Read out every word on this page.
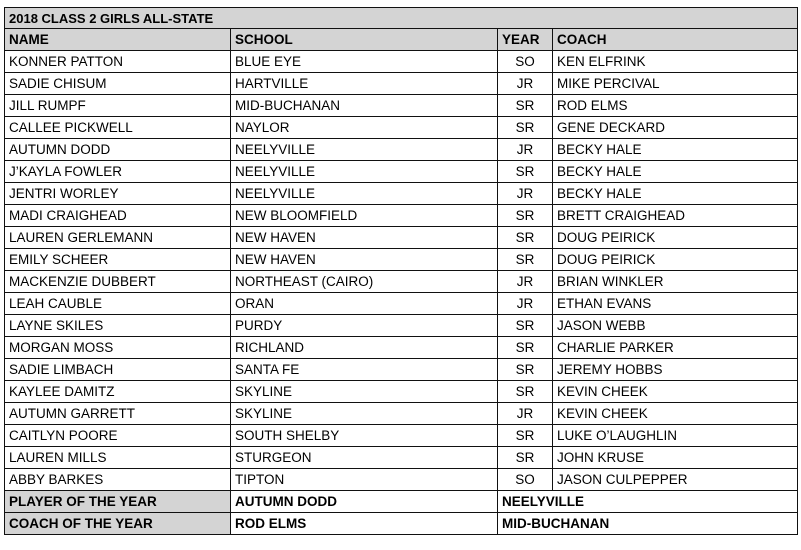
2018 CLASS 2 GIRLS ALL-STATE			
NAME	SCHOOL	YEAR	COACH
KONNER PATTON	BLUE EYE	SO	KEN ELFRINK
SADIE CHISUM	HARTVILLE	JR	MIKE PERCIVAL
JILL RUMPF	MID-BUCHANAN	SR	ROD ELMS
CALLEE PICKWELL	NAYLOR	SR	GENE DECKARD
AUTUMN DODD	NEELYVILLE	JR	BECKY HALE
J’KAYLA FOWLER	NEELYVILLE	SR	BECKY HALE
JENTRI WORLEY	NEELYVILLE	JR	BECKY HALE
MADI CRAIGHEAD	NEW BLOOMFIELD	SR	BRETT CRAIGHEAD
LAUREN GERLEMANN	NEW HAVEN	SR	DOUG PEIRICK
EMILY SCHEER	NEW HAVEN	SR	DOUG PEIRICK
MACKENZIE DUBBERT	NORTHEAST (CAIRO)	JR	BRIAN WINKLER
LEAH CAUBLE	ORAN	JR	ETHAN EVANS
LAYNE SKILES	PURDY	SR	JASON WEBB
MORGAN MOSS	RICHLAND	SR	CHARLIE PARKER
SADIE LIMBACH	SANTA FE	SR	JEREMY HOBBS
KAYLEE DAMITZ	SKYLINE	SR	KEVIN CHEEK
AUTUMN GARRETT	SKYLINE	JR	KEVIN CHEEK
CAITLYN POORE	SOUTH SHELBY	SR	LUKE O’LAUGHLIN
LAUREN MILLS	STURGEON	SR	JOHN KRUSE
ABBY BARKES	TIPTON	SO	JASON CULPEPPER
PLAYER OF THE YEAR	AUTUMN DODD	NEELYVILLE	
COACH OF THE YEAR	ROD ELMS	MID-BUCHANAN	
